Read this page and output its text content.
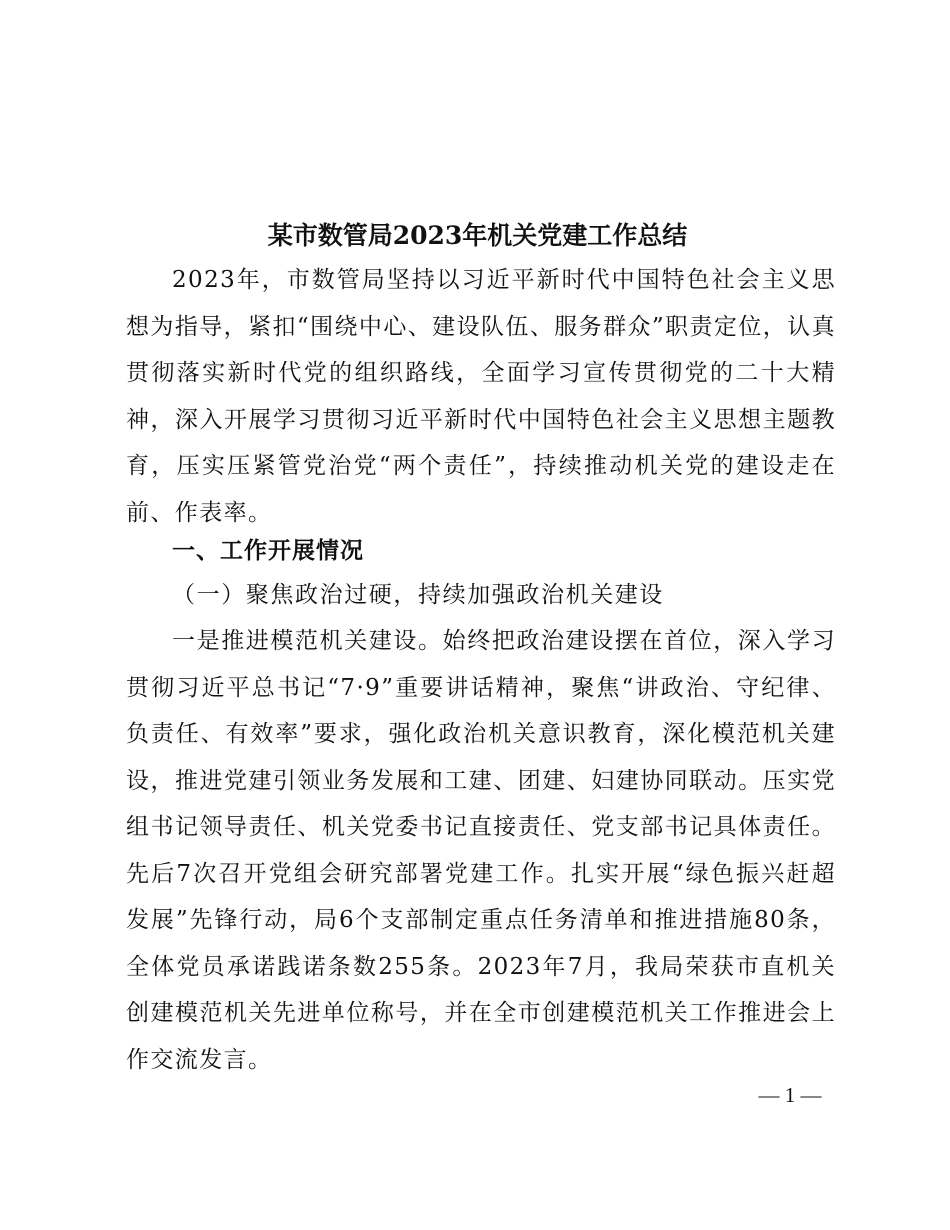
某市数管局2023年机关党建工作总结

2023年，市数管局坚持以习近平新时代中国特色社会主义思想为指导，紧扣“围绕中心、建设队伍、服务群众”职责定位，认真贯彻落实新时代党的组织路线，全面学习宣传贯彻党的二十大精神，深入开展学习贯彻习近平新时代中国特色社会主义思想主题教育，压实压紧管党治党“两个责任”，持续推动机关党的建设走在前、作表率。

一、工作开展情况
（一）聚焦政治过硬，持续加强政治机关建设

一是推进模范机关建设。始终把政治建设摆在首位，深入学习贯彻习近平总书记“7·9”重要讲话精神，聚焦“讲政治、守纪律、负责任、有效率”要求，强化政治机关意识教育，深化模范机关建设，推进党建引领业务发展和工建、团建、妇建协同联动。压实党组书记领导责任、机关党委书记直接责任、党支部书记具体责任。先后7次召开党组会研究部署党建工作。扎实开展“绿色振兴赶超发展”先锋行动，局6个支部制定重点任务清单和推进措施80条，全体党员承诺践诺条数255条。2023年7月，我局荣获市直机关创建模范机关先进单位称号，并在全市创建模范机关工作推进会上作交流发言。

— 1 —
